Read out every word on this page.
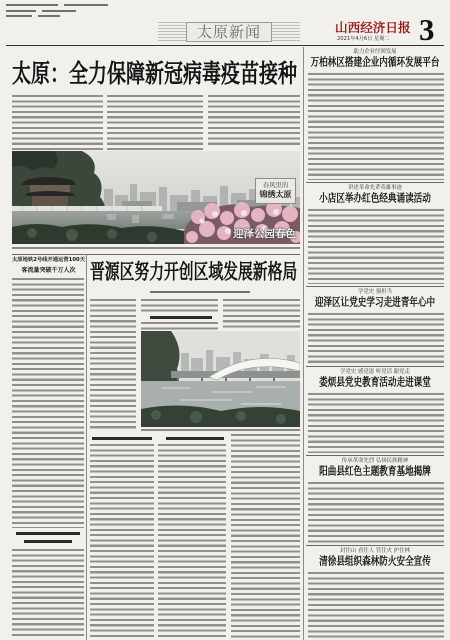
太原新闻	山西经济日报
2021年4月6日 星期二 3
太原：全力保障新冠病毒疫苗接种
春风里的
锦绣太原
迎泽公园春色
太原地铁2号线开通运营100天
客流量突破千万人次 晋源区努力开创区域发展新格局
助力企业纾困发展
万柏林区搭建企业内循环发展平台
讲述革命先辈英雄事迹
小店区举办红色经典诵读活动
学党史 强担当
迎泽区让党史学习走进青年心中
学党史 感党恩 听党话 跟党走
娄烦县党史教育活动走进课堂
传承革命先烈 弘扬民族精神
阳曲县红色主题教育基地揭牌
封住山 看住人 管住火 护住林
清徐县组织森林防火安全宣传
